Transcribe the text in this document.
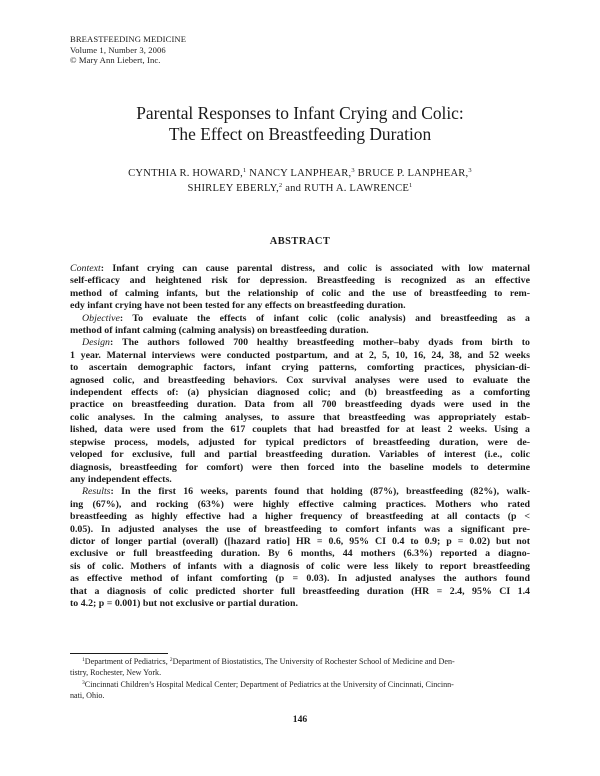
BREASTFEEDING MEDICINE
Volume 1, Number 3, 2006
© Mary Ann Liebert, Inc.
Parental Responses to Infant Crying and Colic:
The Effect on Breastfeeding Duration
CYNTHIA R. HOWARD,$^1$ NANCY LANPHEAR,$^3$ BRUCE P. LANPHEAR,$^3$
SHIRLEY EBERLY,$^2$ and RUTH A. LAWRENCE$^1$
ABSTRACT
Context: Infant crying can cause parental distress, and colic is associated with low maternal
self-efficacy and heightened risk for depression. Breastfeeding is recognized as an effective
method of calming infants, but the relationship of colic and the use of breastfeeding to rem-
edy infant crying have not been tested for any effects on breastfeeding duration.
Objective: To evaluate the effects of infant colic (colic analysis) and breastfeeding as a
method of infant calming (calming analysis) on breastfeeding duration.
Design: The authors followed 700 healthy breastfeeding mother–baby dyads from birth to
1 year. Maternal interviews were conducted postpartum, and at 2, 5, 10, 16, 24, 38, and 52 weeks
to ascertain demographic factors, infant crying patterns, comforting practices, physician-di-
agnosed colic, and breastfeeding behaviors. Cox survival analyses were used to evaluate the
independent effects of: (a) physician diagnosed colic; and (b) breastfeeding as a comforting
practice on breastfeeding duration. Data from all 700 breastfeeding dyads were used in the
colic analyses. In the calming analyses, to assure that breastfeeding was appropriately estab-
lished, data were used from the 617 couplets that had breastfed for at least 2 weeks. Using a
stepwise process, models, adjusted for typical predictors of breastfeeding duration, were de-
veloped for exclusive, full and partial breastfeeding duration. Variables of interest (i.e., colic
diagnosis, breastfeeding for comfort) were then forced into the baseline models to determine
any independent effects.
Results: In the first 16 weeks, parents found that holding (87%), breastfeeding (82%), walk-
ing (67%), and rocking (63%) were highly effective calming practices. Mothers who rated
breastfeeding as highly effective had a higher frequency of breastfeeding at all contacts (p <
0.05). In adjusted analyses the use of breastfeeding to comfort infants was a significant pre-
dictor of longer partial (overall) ([hazard ratio] HR = 0.6, 95% CI 0.4 to 0.9; p = 0.02) but not
exclusive or full breastfeeding duration. By 6 months, 44 mothers (6.3%) reported a diagno-
sis of colic. Mothers of infants with a diagnosis of colic were less likely to report breastfeeding
as effective method of infant comforting (p = 0.03). In adjusted analyses the authors found
that a diagnosis of colic predicted shorter full breastfeeding duration (HR = 2.4, 95% CI 1.4
to 4.2; p = 0.001) but not exclusive or partial duration.
$^1$Department of Pediatrics, $^2$Department of Biostatistics, The University of Rochester School of Medicine and Den-
tistry, Rochester, New York.
$^3$Cincinnati Children’s Hospital Medical Center; Department of Pediatrics at the University of Cincinnati, Cincinn-
nati, Ohio.
146
